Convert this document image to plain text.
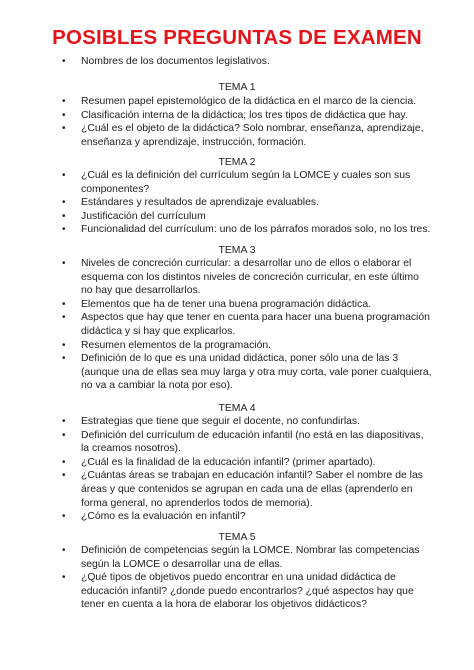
POSIBLES PREGUNTAS DE EXAMEN
• Nombres de los documentos legislativos.
TEMA 1
• Resumen papel epistemológico de la didáctica en el marco de la ciencia.
• Clasificación interna de la didáctica; los tres tipos de didáctica que hay.
• ¿Cuál es el objeto de la didáctica? Solo nombrar, enseñanza, aprendizaje, enseñanza y aprendizaje, instrucción, formación.
TEMA 2
• ¿Cuál es la definición del currículum según la LOMCE y cuales son sus componentes?
• Estándares y resultados de aprendizaje evaluables.
• Justificación del currículum
• Funcionalidad del currículum: uno de los párrafos morados solo, no los tres.
TEMA 3
• Niveles de concreción curricular: a desarrollar uno de ellos o elaborar el esquema con los distintos niveles de concreción curricular, en este último no hay que desarrollarlos.
• Elementos que ha de tener una buena programación didáctica.
• Aspectos que hay que tener en cuenta para hacer una buena programación didáctica y si hay que explicarlos.
• Resumen elementos de la programación.
• Definición de lo que es una unidad didáctica, poner sólo una de las 3 (aunque una de ellas sea muy larga y otra muy corta, vale poner cualquiera, no va a cambiar la nota por eso).
TEMA 4
• Estrategias que tiene que seguir el docente, no confundirlas.
• Definición del currículum de educación infantil (no está en las diapositivas, la creamos nosotros).
• ¿Cuál es la finalidad de la educación infantil? (primer apartado).
• ¿Cuántas áreas se trabajan en educación infantil? Saber el nombre de las áreas y que contenidos se agrupan en cada una de ellas (aprenderlo en forma general, no aprenderlos todos de memoria).
• ¿Cómo es la evaluación en infantil?
TEMA 5
• Definición de competencias según la LOMCE. Nombrar las competencias según la LOMCE o desarrollar una de ellas.
• ¿Qué tipos de objetivos puedo encontrar en una unidad didáctica de educación infantil? ¿donde puedo encontrarlos? ¿qué aspectos hay que tener en cuenta a la hora de elaborar los objetivos didácticos?
